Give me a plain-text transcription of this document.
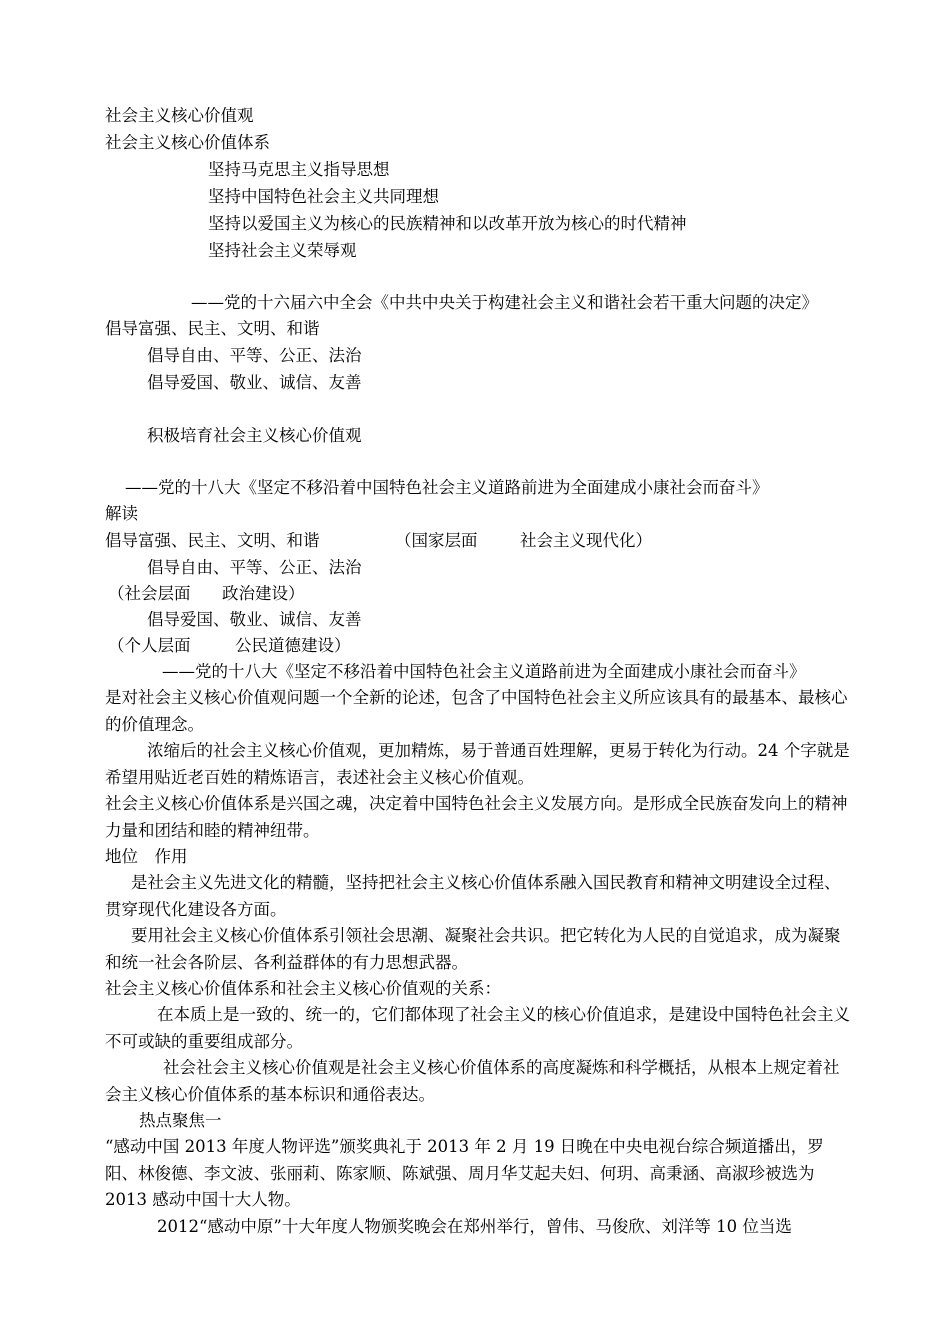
社会主义核心价值观
社会主义核心价值体系
坚持马克思主义指导思想
坚持中国特色社会主义共同理想
坚持以爱国主义为核心的民族精神和以改革开放为核心的时代精神
坚持社会主义荣辱观
——党的十六届六中全会《中共中央关于构建社会主义和谐社会若干重大问题的决定》
倡导富强、民主、文明、和谐
倡导自由、平等、公正、法治
倡导爱国、敬业、诚信、友善
积极培育社会主义核心价值观
——党的十八大《坚定不移沿着中国特色社会主义道路前进为全面建成小康社会而奋斗》
解读
倡导富强、民主、文明、和谐	（国家层面	社会主义现代化）
倡导自由、平等、公正、法治
（社会层面 政治建设）
倡导爱国、敬业、诚信、友善
（个人层面	公民道德建设）
——党的十八大《坚定不移沿着中国特色社会主义道路前进为全面建成小康社会而奋斗》
是对社会主义核心价值观问题一个全新的论述，包含了中国特色社会主义所应该具有的最基本、最核心的价值理念。
浓缩后的社会主义核心价值观，更加精炼，易于普通百姓理解，更易于转化为行动。24 个字就是希望用贴近老百姓的精炼语言，表述社会主义核心价值观。
社会主义核心价值体系是兴国之魂，决定着中国特色社会主义发展方向。是形成全民族奋发向上的精神力量和团结和睦的精神纽带。
地位　作用
是社会主义先进文化的精髓，坚持把社会主义核心价值体系融入国民教育和精神文明建设全过程、贯穿现代化建设各方面。
要用社会主义核心价值体系引领社会思潮、凝聚社会共识。把它转化为人民的自觉追求，成为凝聚和统一社会各阶层、各利益群体的有力思想武器。
社会主义核心价值体系和社会主义核心价值观的关系：
在本质上是一致的、统一的，它们都体现了社会主义的核心价值追求，是建设中国特色社会主义不可或缺的重要组成部分。
社会社会主义核心价值观是社会主义核心价值体系的高度凝炼和科学概括，从根本上规定着社会主义核心价值体系的基本标识和通俗表达。
热点聚焦一
“感动中国 2013 年度人物评选”颁奖典礼于 2013 年 2 月 19 日晚在中央电视台综合频道播出，罗阳、林俊德、李文波、张丽莉、陈家顺、陈斌强、周月华艾起夫妇、何玥、高秉涵、高淑珍被选为 2013 感动中国十大人物。
2012“感动中原”十大年度人物颁奖晚会在郑州举行，曾伟、马俊欣、刘洋等 10 位当选
